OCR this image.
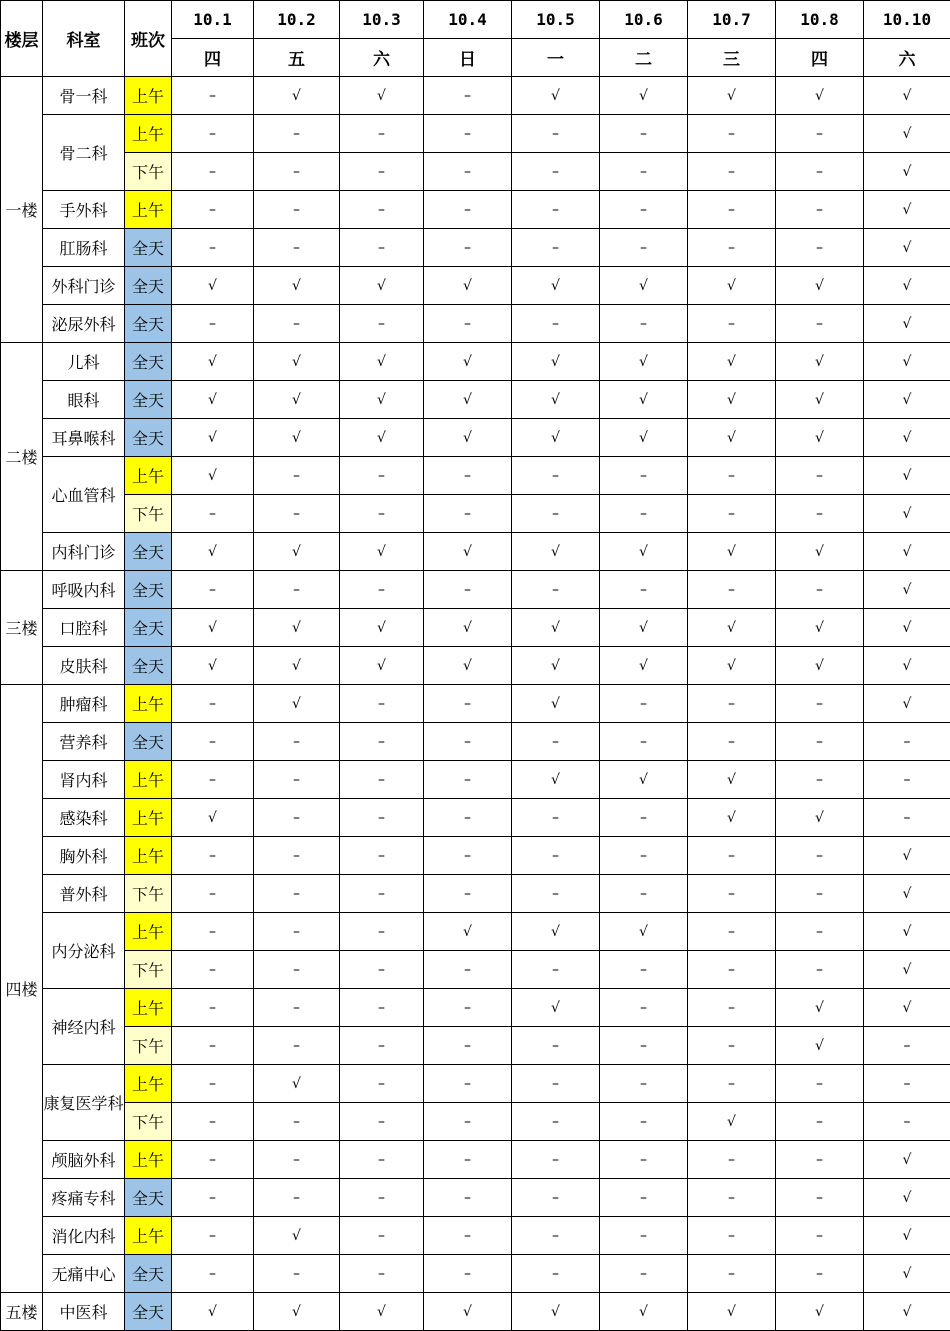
楼层	科室	班次	10.1	10.2	10.3	10.4	10.5	10.6	10.7	10.8	10.10
			四	五	六	日	一	二	三	四	六
一楼	骨一科	上午	–	√	√	–	√	√	√	√	√
	骨二科	上午	–	–	–	–	–	–	–	–	√
		下午	–	–	–	–	–	–	–	–	√
	手外科	上午	–	–	–	–	–	–	–	–	√
	肛肠科	全天	–	–	–	–	–	–	–	–	√
	外科门诊	全天	√	√	√	√	√	√	√	√	√
	泌尿外科	全天	–	–	–	–	–	–	–	–	√
二楼	儿科	全天	√	√	√	√	√	√	√	√	√
	眼科	全天	√	√	√	√	√	√	√	√	√
	耳鼻喉科	全天	√	√	√	√	√	√	√	√	√
	心血管科	上午	√	–	–	–	–	–	–	–	√
		下午	–	–	–	–	–	–	–	–	√
	内科门诊	全天	√	√	√	√	√	√	√	√	√
三楼	呼吸内科	全天	–	–	–	–	–	–	–	–	√
	口腔科	全天	√	√	√	√	√	√	√	√	√
	皮肤科	全天	√	√	√	√	√	√	√	√	√
四楼	肿瘤科	上午	–	√	–	–	√	–	–	–	√
	营养科	全天	–	–	–	–	–	–	–	–	–
	肾内科	上午	–	–	–	–	√	√	√	–	–
	感染科	上午	√	–	–	–	–	–	√	√	–
	胸外科	上午	–	–	–	–	–	–	–	–	√
	普外科	下午	–	–	–	–	–	–	–	–	√
	内分泌科	上午	–	–	–	√	√	√	–	–	√
		下午	–	–	–	–	–	–	–	–	√
	神经内科	上午	–	–	–	–	√	–	–	√	√
		下午	–	–	–	–	–	–	–	√	–
	康复医学科	上午	–	√	–	–	–	–	–	–	–
		下午	–	–	–	–	–	–	√	–	–
	颅脑外科	上午	–	–	–	–	–	–	–	–	√
	疼痛专科	全天	–	–	–	–	–	–	–	–	√
	消化内科	上午	–	√	–	–	–	–	–	–	√
	无痛中心	全天	–	–	–	–	–	–	–	–	√
五楼	中医科	全天	√	√	√	√	√	√	√	√	√
